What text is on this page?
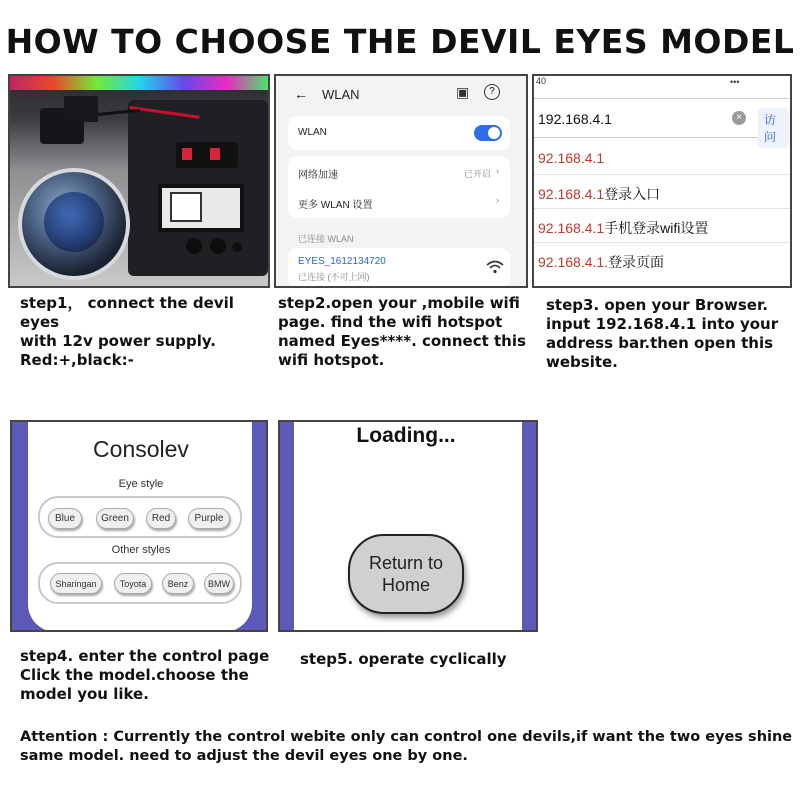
HOW TO CHOOSE THE DEVIL EYES MODEL
← WLAN	▣	?
WLAN
网络加速	已开启 ›
更多 WLAN 设置	›
已连接 WLAN
EYES_1612134720
已连接 (不可上网)
40	•••
192.168.4.1	×	访问
92.168.4.1
92.168.4.1登录入口
92.168.4.1手机登录wifi设置
92.168.4.1.登录页面
step1， connect the devil eyes
with 12v power supply.
Red:+,black:-
step2.open your ,mobile wifi
page. find the wifi hotspot
named Eyes****. connect this
wifi hotspot.
step3. open your Browser.
input 192.168.4.1 into your
address bar.then open this
website.
Consolev
Eye style
Blue	Green	Red	Purple
Other styles
Sharingan	Toyota	Benz	BMW
Loading...
Return to
Home
step4. enter the control page
Click the model.choose the
model you like.
step5. operate cyclically
Attention : Currently the control webite only can control one devils,if want the two eyes shine
same model. need to adjust the devil eyes one by one.
